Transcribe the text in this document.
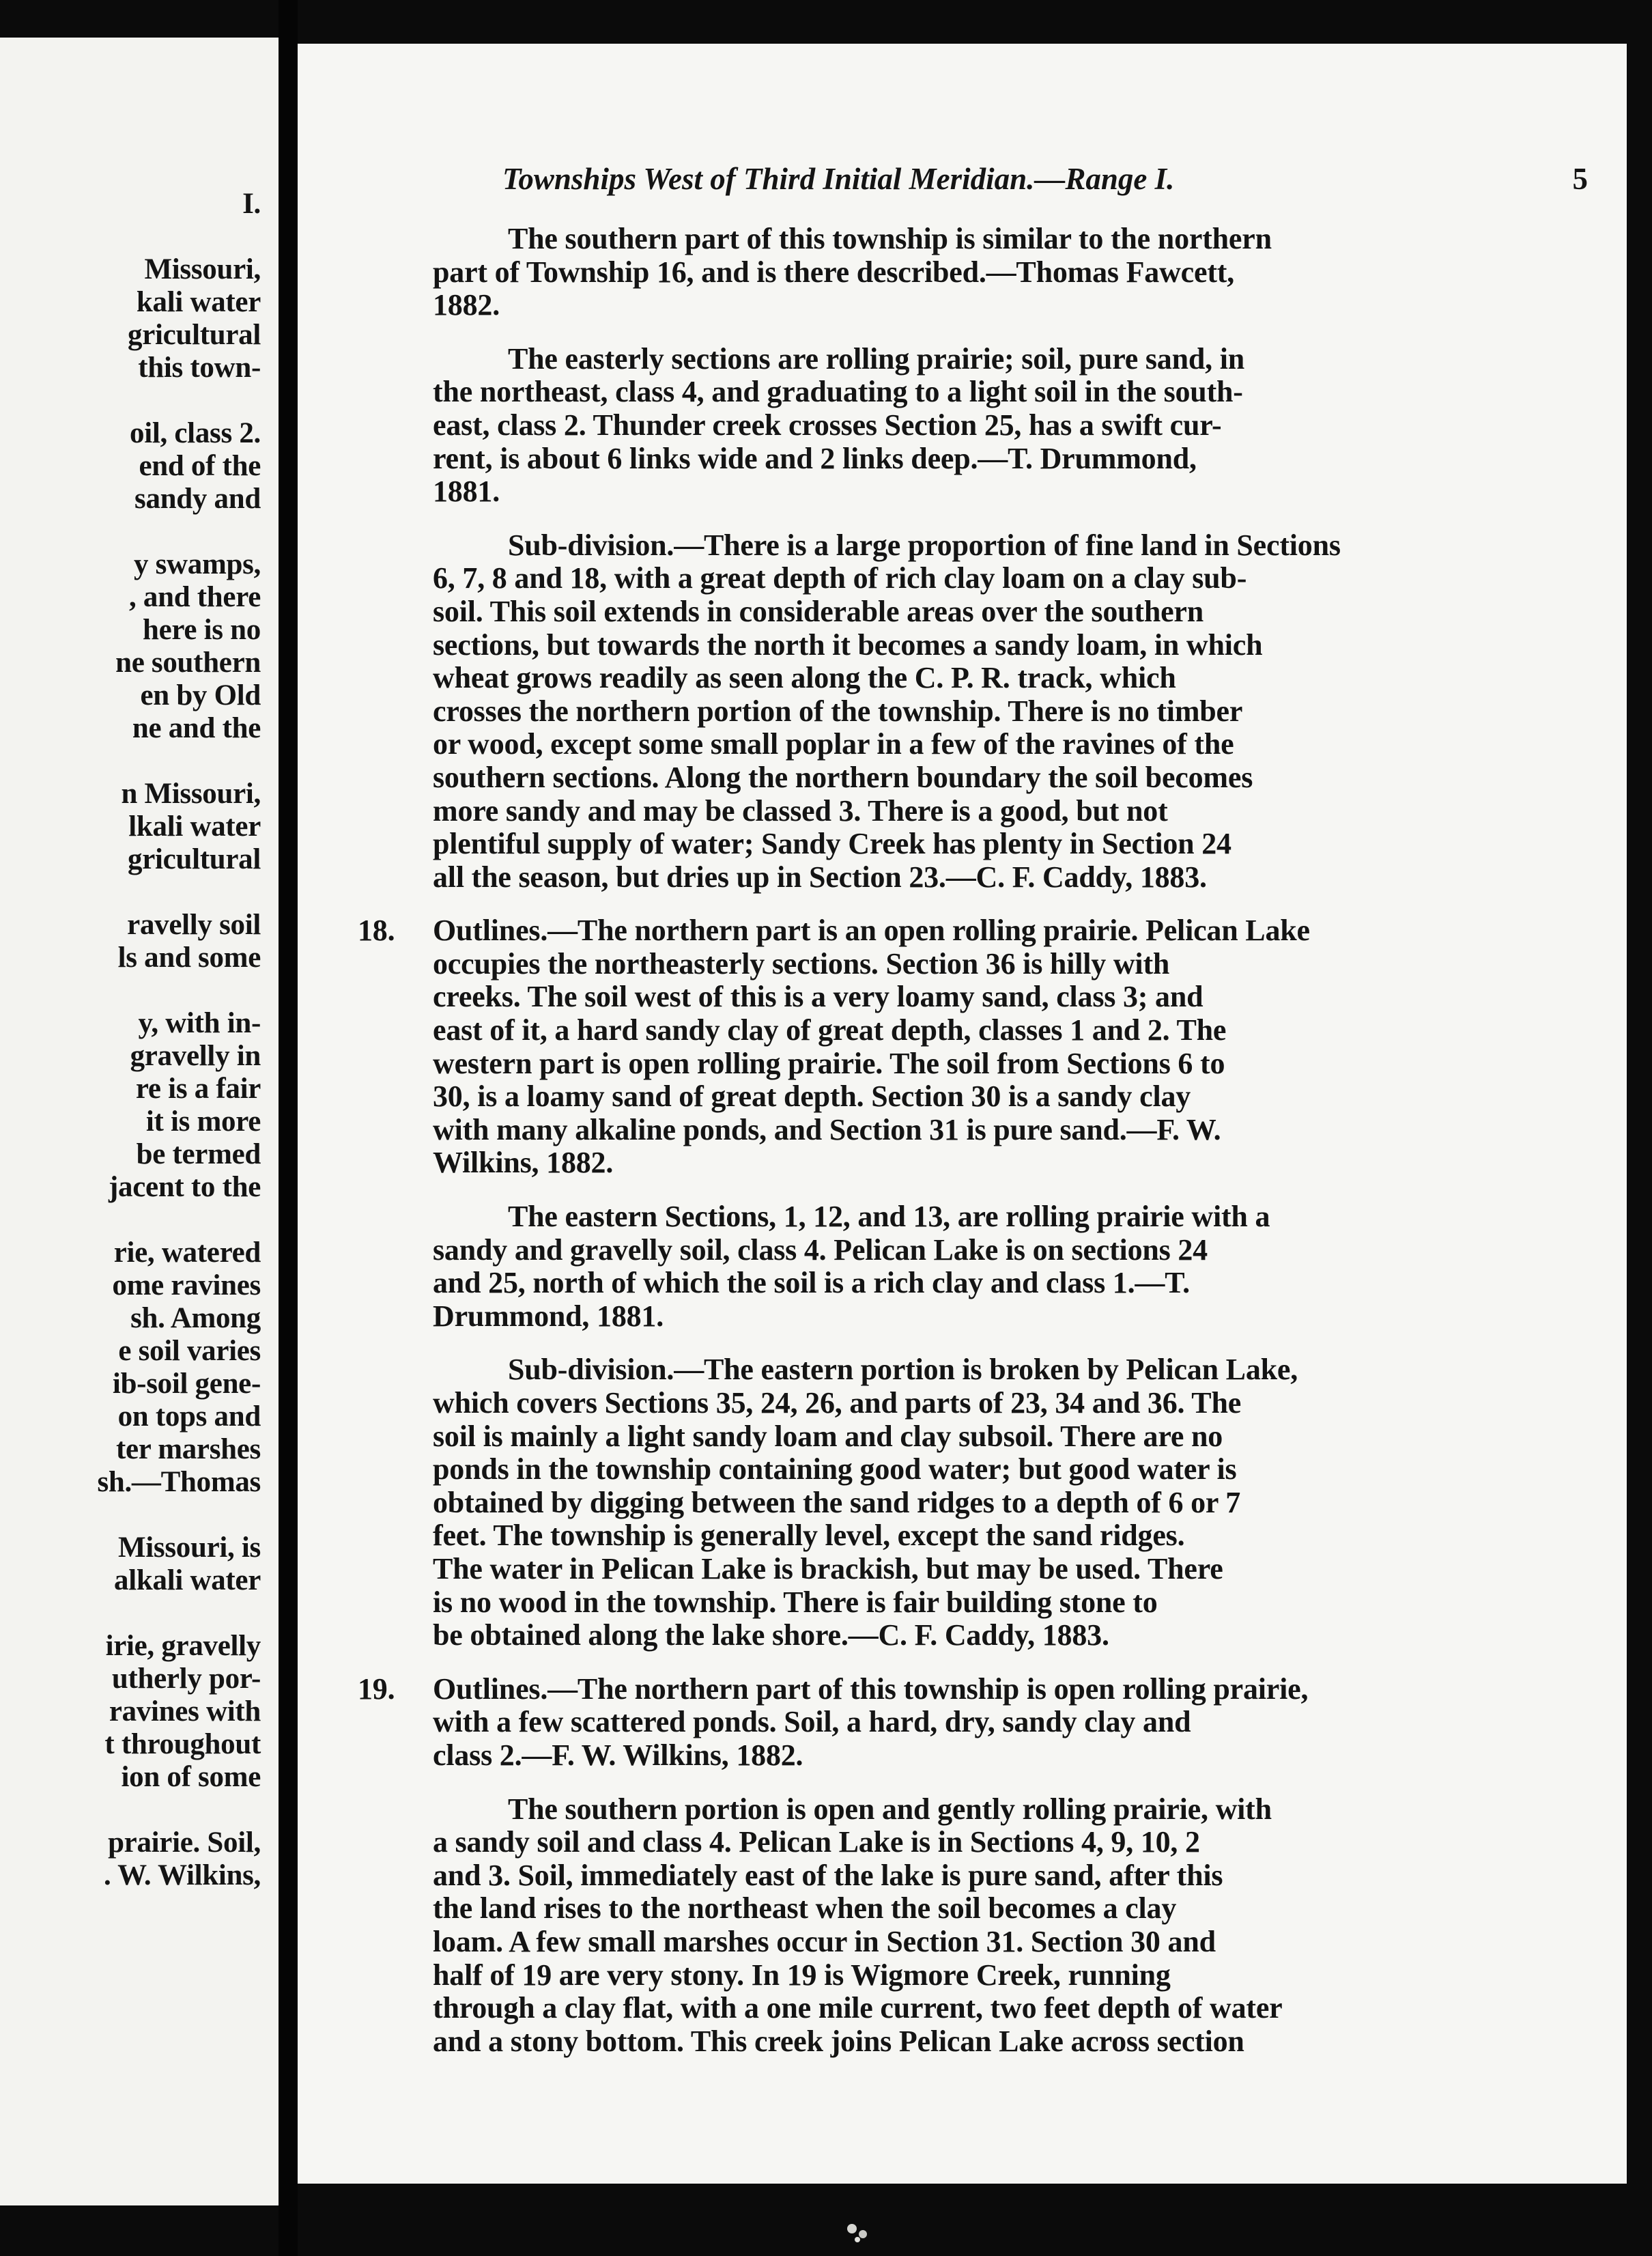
I.
Missouri,
kali water
gricultural
this town-
oil, class 2.
end of the
sandy and
y swamps,
, and there
here is no
ne southern
en by Old
ne and the
n Missouri,
lkali water
gricultural
ravelly soil
ls and some
y, with in-
gravelly in
re is a fair
it is more
be termed
jacent to the
rie, watered
ome ravines
sh. Among
e soil varies
ib-soil gene-
on tops and
ter marshes
sh.—Thomas
Missouri, is
alkali water
irie, gravelly
utherly por-
ravines with
t throughout
ion of some
prairie. Soil,
. W. Wilkins,
Townships West of Third Initial Meridian.—Range I.	5
The southern part of this township is similar to the northern
part of Township 16, and is there described.—Thomas Fawcett,
1882.
The easterly sections are rolling prairie; soil, pure sand, in
the northeast, class 4, and graduating to a light soil in the south-
east, class 2. Thunder creek crosses Section 25, has a swift cur-
rent, is about 6 links wide and 2 links deep.—T. Drummond,
1881.
Sub-division.—There is a large proportion of fine land in Sections
6, 7, 8 and 18, with a great depth of rich clay loam on a clay sub-
soil. This soil extends in considerable areas over the southern
sections, but towards the north it becomes a sandy loam, in which
wheat grows readily as seen along the C. P. R. track, which
crosses the northern portion of the township. There is no timber
or wood, except some small poplar in a few of the ravines of the
southern sections. Along the northern boundary the soil becomes
more sandy and may be classed 3. There is a good, but not
plentiful supply of water; Sandy Creek has plenty in Section 24
all the season, but dries up in Section 23.—C. F. Caddy, 1883.
18. Outlines.—The northern part is an open rolling prairie. Pelican Lake
occupies the northeasterly sections. Section 36 is hilly with
creeks. The soil west of this is a very loamy sand, class 3; and
east of it, a hard sandy clay of great depth, classes 1 and 2. The
western part is open rolling prairie. The soil from Sections 6 to
30, is a loamy sand of great depth. Section 30 is a sandy clay
with many alkaline ponds, and Section 31 is pure sand.—F. W.
Wilkins, 1882.
The eastern Sections, 1, 12, and 13, are rolling prairie with a
sandy and gravelly soil, class 4. Pelican Lake is on sections 24
and 25, north of which the soil is a rich clay and class 1.—T.
Drummond, 1881.
Sub-division.—The eastern portion is broken by Pelican Lake,
which covers Sections 35, 24, 26, and parts of 23, 34 and 36. The
soil is mainly a light sandy loam and clay subsoil. There are no
ponds in the township containing good water; but good water is
obtained by digging between the sand ridges to a depth of 6 or 7
feet. The township is generally level, except the sand ridges.
The water in Pelican Lake is brackish, but may be used. There
is no wood in the township. There is fair building stone to
be obtained along the lake shore.—C. F. Caddy, 1883.
19. Outlines.—The northern part of this township is open rolling prairie,
with a few scattered ponds. Soil, a hard, dry, sandy clay and
class 2.—F. W. Wilkins, 1882.
The southern portion is open and gently rolling prairie, with
a sandy soil and class 4. Pelican Lake is in Sections 4, 9, 10, 2
and 3. Soil, immediately east of the lake is pure sand, after this
the land rises to the northeast when the soil becomes a clay
loam. A few small marshes occur in Section 31. Section 30 and
half of 19 are very stony. In 19 is Wigmore Creek, running
through a clay flat, with a one mile current, two feet depth of water
and a stony bottom. This creek joins Pelican Lake across section
